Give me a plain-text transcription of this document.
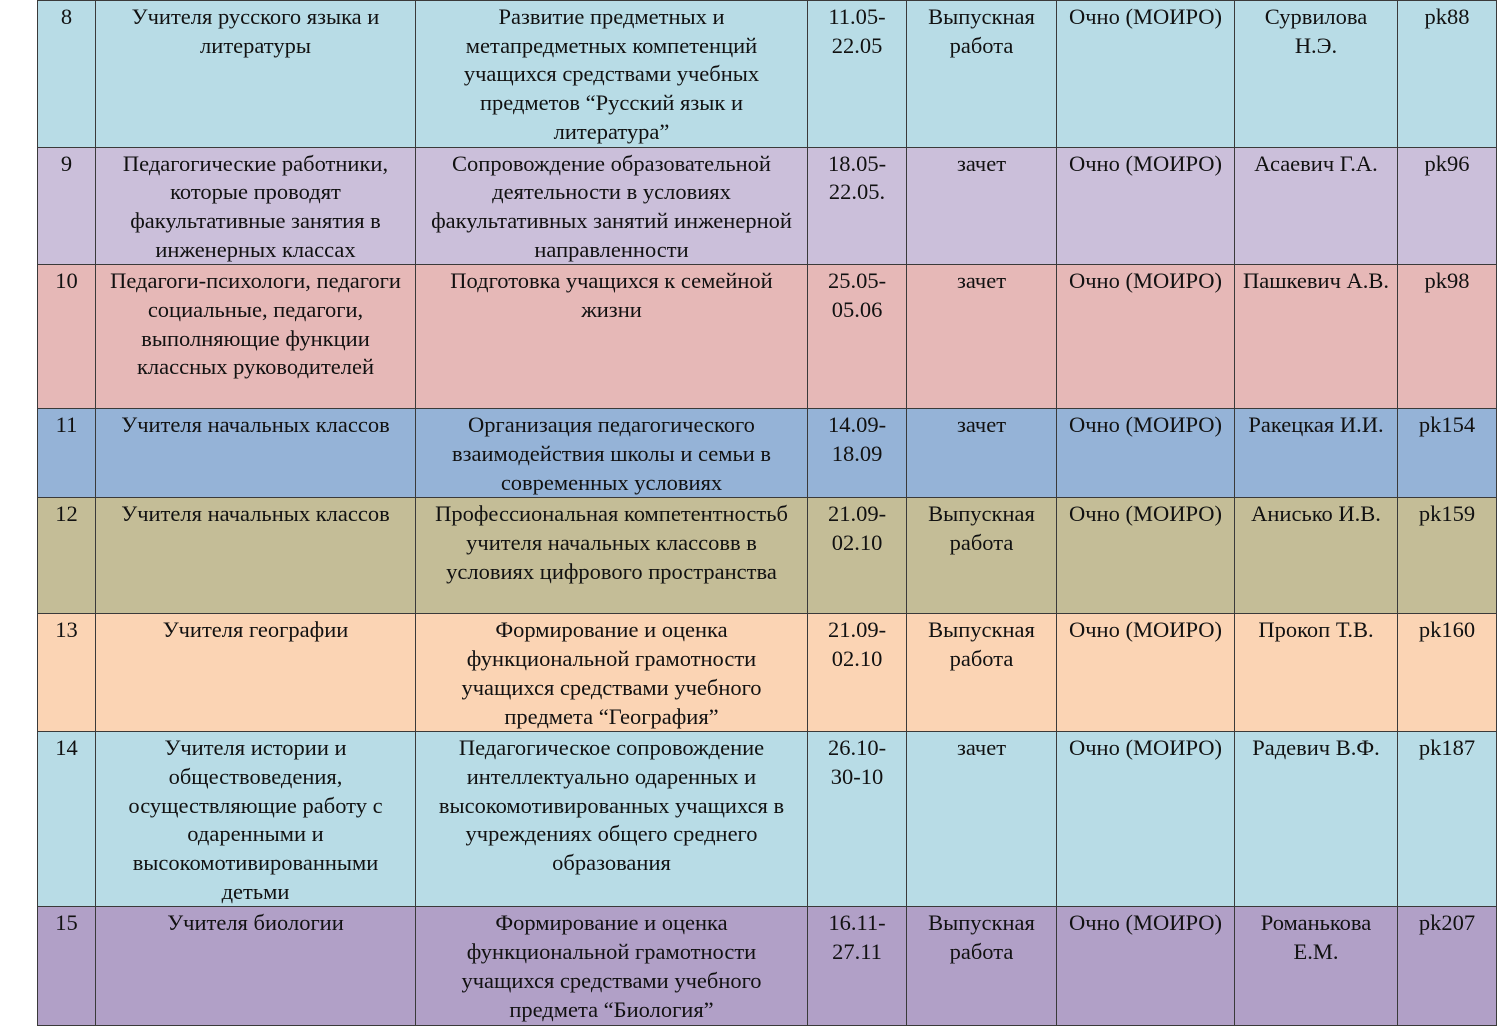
8	Учителя русского языка и литературы	Развитие предметных и метапредметных компетенций учащихся средствами учебных предметов “Русский язык и литература”	11.05-22.05	Выпускная работа	Очно (МОИРО)	Сурвилова Н.Э.	pk88
9	Педагогические работники, которые проводят факультативные занятия в инженерных классах	Сопровождение образовательной деятельности в условиях факультативных занятий инженерной направленности	18.05-22.05.	зачет	Очно (МОИРО)	Асаевич Г.А.	pk96
10	Педагоги-психологи, педагоги социальные, педагоги, выполняющие функции классных руководителей	Подготовка учащихся к семейной жизни	25.05-05.06	зачет	Очно (МОИРО)	Пашкевич А.В.	pk98
11	Учителя начальных классов	Организация педагогического взаимодействия школы и семьи в современных условиях	14.09-18.09	зачет	Очно (МОИРО)	Ракецкая И.И.	pk154
12	Учителя начальных классов	Профессиональная компетентностьб учителя начальных классовв в условиях цифрового пространства	21.09-02.10	Выпускная работа	Очно (МОИРО)	Анисько И.В.	pk159
13	Учителя географии	Формирование и оценка функциональной грамотности учащихся средствами учебного предмета “География”	21.09-02.10	Выпускная работа	Очно (МОИРО)	Прокоп Т.В.	pk160
14	Учителя истории и обществоведения, осуществляющие работу с одаренными и высокомотивированными детьми	Педагогическое сопровождение интеллектуально одаренных и высокомотивированных учащихся в учреждениях общего среднего образования	26.10-30-10	зачет	Очно (МОИРО)	Радевич В.Ф.	pk187
15	Учителя биологии	Формирование и оценка функциональной грамотности учащихся средствами учебного предмета “Биология”	16.11-27.11	Выпускная работа	Очно (МОИРО)	Романькова Е.М.	pk207
